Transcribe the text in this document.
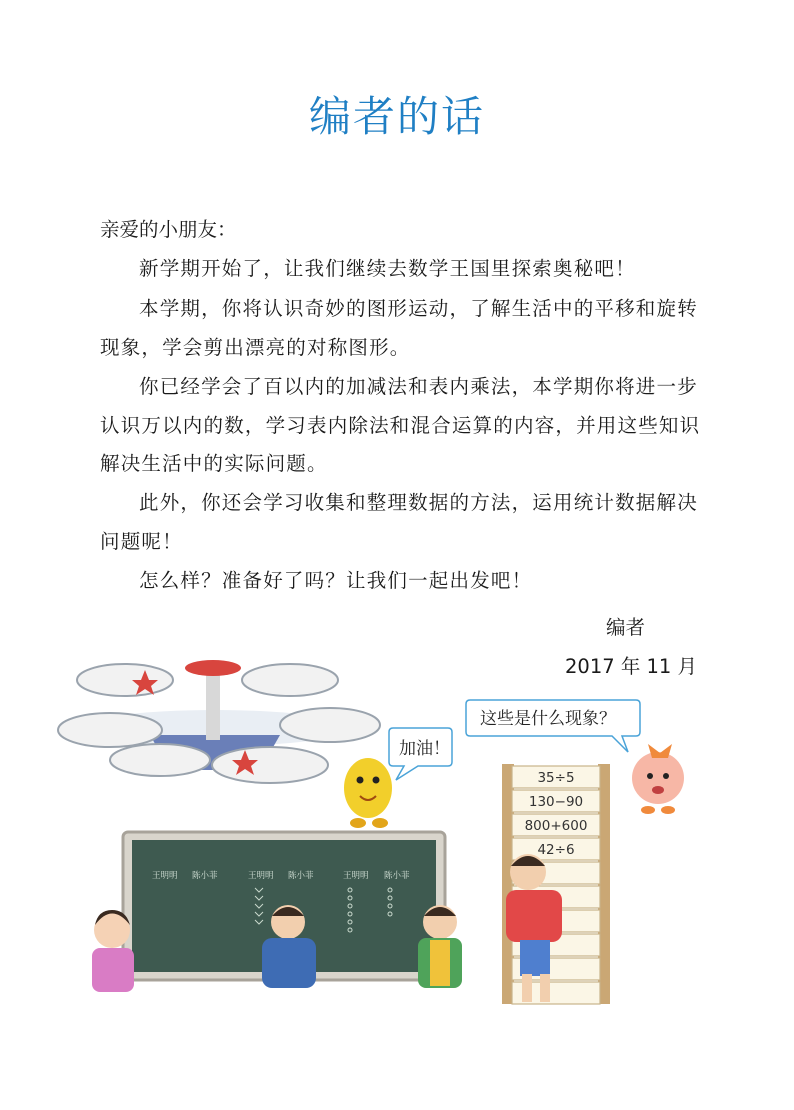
编者的话
亲爱的小朋友：
新学期开始了，让我们继续去数学王国里探索奥秘吧！
本学期，你将认识奇妙的图形运动，了解生活中的平移和旋转现象，学会剪出漂亮的对称图形。
你已经学会了百以内的加减法和表内乘法，本学期你将进一步认识万以内的数，学习表内除法和混合运算的内容，并用这些知识解决生活中的实际问题。
此外，你还会学习收集和整理数据的方法，运用统计数据解决问题呢！
怎么样？准备好了吗？让我们一起出发吧！
编者
2017 年 11 月
加油！
这些是什么现象？
王明明 陈小菲	王明明 陈小菲	王明明 陈小菲
35÷5
130−90
800+600
42÷6
